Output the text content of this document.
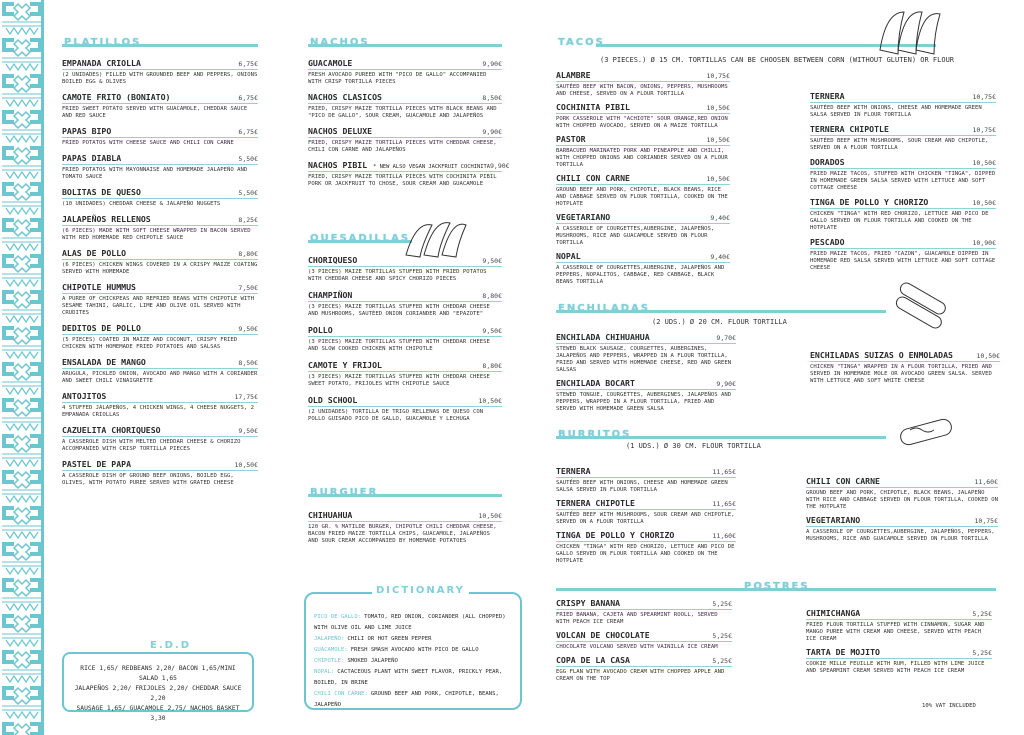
PLATILLOS
EMPANADA CRIOLLA	6,75€
(2 UNIDADES) FILLED WITH GROUNDED BEEF AND PEPPERS, ONIONS BOILED EGG & OLIVES
CAMOTE FRITO (BONIATO)	6,75€
FRIED SWEET POTATO SERVED WITH GUACAMOLE, CHEDDAR SAUCE AND RED SAUCE
PAPAS BIPO	6,75€
FRIED POTATOS WITH CHEESE SAUCE AND CHILI CON CARNE
PAPAS DIABLA	5,50€
FRIED POTATOS WITH MAYONNAISE AND HOMEMADE JALAPEÑO AND TOMATO SAUCE
BOLITAS DE QUESO	5,50€
(10 UNIDADES) CHEDDAR CHEESE & JALAPEÑO NUGGETS
JALAPEÑOS RELLENOS	8,25€
(6 PIECES) MADE WITH SOFT CHEESE WRAPPED IN BACON SERVED WITH RED HOMEMADE RED CHIPOTLE SAUCE
ALAS DE POLLO	8,80€
(6 PIECES) CHICKEN WINGS COVERED IN A CRISPY MAIZE COATING SERVED WITH HOMEMADE
CHIPOTLE HUMMUS	7,50€
A PUREE OF CHICKPEAS AND REFRIED BEANS WITH CHIPOTLE WITH SESAME TAHINI, GARLIC, LIME AND OLIVE OIL SERVED WITH CRUDITES
DEDITOS DE POLLO	9,50€
(5 PIECES) COATED IN MAIZE AND COCONUT, CRISPY FRIED CHICKEN WITH HOMEMADE FRIED POTATOES AND SALSAS
ENSALADA DE MANGO	8,50€
ARUGULA, PICKLED ONION, AVOCADO AND MANGO WITH A CORIANDER AND SWEET CHILI VINAIGRETTE
ANTOJITOS	17,75€
4 STUFFED JALAPEÑOS, 4 CHICKEN WINGS, 4 CHEESE NUGGETS, 2 EMPANADA CRIOLLAS
CAZUELITA CHORIQUESO	9,50€
A CASSEROLE DISH WITH MELTED CHEDDAR CHEESE & CHORIZO ACCOMPANIED WITH CRISP TORTILLA PIECES
PASTEL DE PAPA	10,50€
A CASSEROLE DISH OF GROUND BEEF ONIONS, BOILED EGG, OLIVES, WITH POTATO PUREE SERVED WITH GRATED CHEESE
RICE 1,65/ REDBEANS 2,20/ BACON 1,65/MINI SALAD 1,65
JALAPEÑOS 2,20/ FRIJOLES 2,20/ CHEDDAR SAUCE 2,20
SAUSAGE 1,65/ GUACAMOLE 2,75/ NACHOS BASKET 3,30
E.D.D
NACHOS
GUACAMOLE	9,90€
FRESH AVOCADO PUREED WITH "PICO DE GALLO" ACCOMPANIED WITH CRISP TORTILLA PIECES
NACHOS CLASICOS	8,50€
FRIED, CRISPY MAIZE TORTILLA PIECES WITH BLACK BEANS AND "PICO DE GALLO", SOUR CREAM, GUACAMOLE AND JALAPEÑOS
NACHOS DELUXE	9,90€
FRIED, CRISPY MAIZE TORTILLA PIECES WITH CHEDDAR CHEESE, CHILI CON CARNE AND JALAPEÑOS
NACHOS PIBIL * NEW ALSO VEGAN JACKFRUIT COCHINITA 9,90€
FRIED, CRISPY MAIZE TORTILLA PIECES WITH COCHINITA PIBIL PORK OR JACKFRUIT TO CHOSE, SOUR CREAM AND GUACAMOLE
QUESADILLAS
CHORIQUESO	9,50€
(3 PIECES) MAIZE TORTILLAS STUFFED WITH FRIED POTATOS WITH CHEDDAR CHEESE AND SPICY CHORIZO PIECES
CHAMPIÑON	8,80€
(3 PIECES) MAIZE TORTILLAS STUFFED WITH CHEDDAR CHEESE AND MUSHROOMS, SAUTÉED ONION CORIANDER AND "EPAZOTE"
POLLO	9,50€
(3 PIECES) MAIZE TORTILLAS STUFFED WITH CHEDDAR CHEESE AND SLOW COOKED CHICKEN WITH CHIPOTLE
CAMOTE Y FRIJOL	8,80€
(3 PIECES) MAIZE TORTILLAS STUFFED WITH CHEDDAR CHEESE SWEET POTATO, FRIJOLES WITH CHIPOTLE SAUCE
OLD SCHOOL	10,50€
(2 UNIDADES) TORTILLA DE TRIGO RELLENAS DE QUESO CON POLLO GUISADO PICO DE GALLO, GUACAMOLE Y LECHUGA
BURGUER
CHIHUAHUA	10,50€
120 GR. % MATILDE BURGER, CHIPOTLE CHILI CHEDDAR CHEESE, BACON FRIED MAIZE TORTILLA CHIPS, GUACAMOLE, JALAPEÑOS AND SOUR CREAM ACCOMPANIED BY HOMEMADE POTATOES
PICO DE GALLO: TOMATO, RED ONION, CORIANDER (ALL CHOPPED) WITH OLIVE OIL AND LIME JUICE
JALAPEÑO: CHILI OR HOT GREEN PEPPER
GUACAMOLE: FRESH SMASH AVOCADO WITH PICO DE GALLO
CHIPOTLE: SMOKED JALAPEÑO
NOPAL: CACTACEOUS PLANT WITH SWEET FLAVOR, PRICKLY PEAR, BOILED, IN BRINE
CHILI CON CARNE: GROUND BEEF AND PORK, CHIPOTLE, BEANS, JALAPEÑO
DICTIONARY
TACOS
(3 PIECES.) Ø 15 CM. TORTILLAS CAN BE CHOOSEN BETWEEN CORN (WITHOUT GLUTEN) OR FLOUR
ALAMBRE	10,75€
SAUTÉED BEEF WITH BACON, ONIONS, PEPPERS, MUSHROOMS AND CHEESE, SERVED ON A FLOUR TORTILLA
COCHINITA PIBIL	10,50€
PORK CASSEROLE WITH "ACHIOTE" SOUR ORANGE,RED ONION WITH CHOPPED AVOCADO, SERVED ON A MAIZE TORTILLA
PASTOR	10,50€
BARBACUED MARINATED PORK AND PINEAPPLE AND CHILLI, WITH CHOPPED ONIONS AND CORIANDER SERVED ON A FLOUR TORTILLA
CHILI CON CARNE	10,50€
GROUND BEEF AND PORK, CHIPOTLE, BLACK BEANS, RICE AND CABBAGE SERVED ON FLOUR TORTILLA, COOKED ON THE HOTPLATE
VEGETARIANO	9,40€
A CASSEROLE OF COURGETTES,AUBERGINE, JALAPEÑOS, MUSHROOMS, RICE AND GUACAMOLE SERVED ON FLOUR TORTILLA
NOPAL	9,40€
A CASSEROLE OF COURGETTES,AUBERGINE, JALAPEÑOS AND PEPPERS, NOPALITOS, CABBAGE, RED CABBAGE, BLACK BEANS TORTILLA
TERNERA	10,75€
SAUTÉED BEEF WITH ONIONS, CHEESE AND HOMEMADE GREEN SALSA SERVED IN FLOUR TORTILLA
TERNERA CHIPOTLE	10,75€
SAUTÉED BEEF WITH MUSHROOMS, SOUR CREAM AND CHIPOTLE, SERVED ON A FLOUR TORTILLA
DORADOS	10,50€
FRIED MAIZE TACOS, STUFFED WITH CHICKEN "TINGA", DIPPED IN HOMEMADE GREEN SALSA SERVED WITH LETTUCE AND SOFT COTTAGE CHEESE
TINGA DE POLLO Y CHORIZO	10,50€
CHICKEN "TINGA" WITH RED CHORIZO, LETTUCE AND PICO DE GALLO SERVED ON FLOUR TORTILLA AND COOKED ON THE HOTPLATE
PESCADO	10,90€
FRIED MAIZE TACOS, FRIED "CAZON", GUACAMOLE DIPPED IN HOMEMADE RED SALSA SERVED WITH LETTUCE AND SOFT COTTAGE CHEESE
ENCHILADAS
(2 UDS.) Ø 20 CM. FLOUR TORTILLA
ENCHILADA CHIHUAHUA	9,70€
STEWED BLACK SAUSAGE, COURGETTES, AUBERGINES, JALAPEÑOS AND PEPPERS, WRAPPED IN A FLOUR TORTILLA, FRIED AND SERVED WITH HOMEMADE CHEESE, RED AND GREEN SALSAS
ENCHILADA BOCART	9,90€
STEWED TONGUE, COURGETTES, AUBERGINES, JALAPEÑOS AND PEPPERS, WRAPPED IN A FLOUR TORTILLA, FRIED AND SERVED WITH HOMEMADE GREEN SALSA
ENCHILADAS SUIZAS O ENMOLADAS	10,50€
CHICKEN "TINGA" WRAPPED IN A FLOUR TORTILLA, FRIED AND SERVED IN HOMEMADE MOLE OR AVOCADO GREEN SALSA. SERVED WITH LETTUCE AND SOFT WHITE CHEESE
BURRITOS
(1 UDS.) Ø 30 CM. FLOUR TORTILLA
TERNERA	11,65€
SAUTÉED BEEF WITH ONIONS, CHEESE AND HOMEMADE GREEN SALSA SERVED IN FLOUR TORTILLA
TERNERA CHIPOTLE	11,65€
SAUTÉED BEEF WITH MUSHROOMS, SOUR CREAM AND CHIPOTLE, SERVED ON A FLOUR TORTILLA
TINGA DE POLLO Y CHORIZO	11,60€
CHICKEN "TINGA" WITH RED CHORIZO, LETTUCE AND PICO DE GALLO SERVED ON FLOUR TORTILLA AND COOKED ON THE HOTPLATE
CHILI CON CARNE	11,60€
GROUND BEEF AND PORK, CHIPOTLE, BLACK BEANS, JALAPEÑO WITH RICE AND CABBAGE SERVED ON FLOUR TORTILLA, COOKED ON THE HOTPLATE
VEGETARIANO	10,75€
A CASSEROLE OF COURGETTES,AUBERGINE, JALAPEÑOS, PEPPERS, MUSHROOMS, RICE AND GUACAMOLE SERVED ON FLOUR TORTILLA
POSTRES
CRISPY BANANA	5,25€
FRIED BANANA, CAJETA AND SPEARMINT ROOLL, SERVED WITH PEACH ICE CREAM
VOLCAN DE CHOCOLATE	5,25€
CHOCOLATE VOLCANO SERVED WITH VAINILLA ICE CREAM
COPA DE LA CASA	5,25€
EGG FLAN WITH AVOCADO CREAM WITH CHOPPED APPLE AND CREAM ON THE TOP
CHIMICHANGA	5,25€
FRIED FLOUR TORTILLA STUFFED WITH CINNAMON, SUGAR AND MANGO PUREE WITH CREAM AND CHEESE, SERVED WITH PEACH ICE CREAM
TARTA DE MOJITO	5,25€
COOKIE MILLE FEUILLE WITH RUM, FILLED WITH LIME JUICE AND SPEARMINT CREAM SERVED WITH PEACH ICE CREAM
10% VAT INCLUDED
